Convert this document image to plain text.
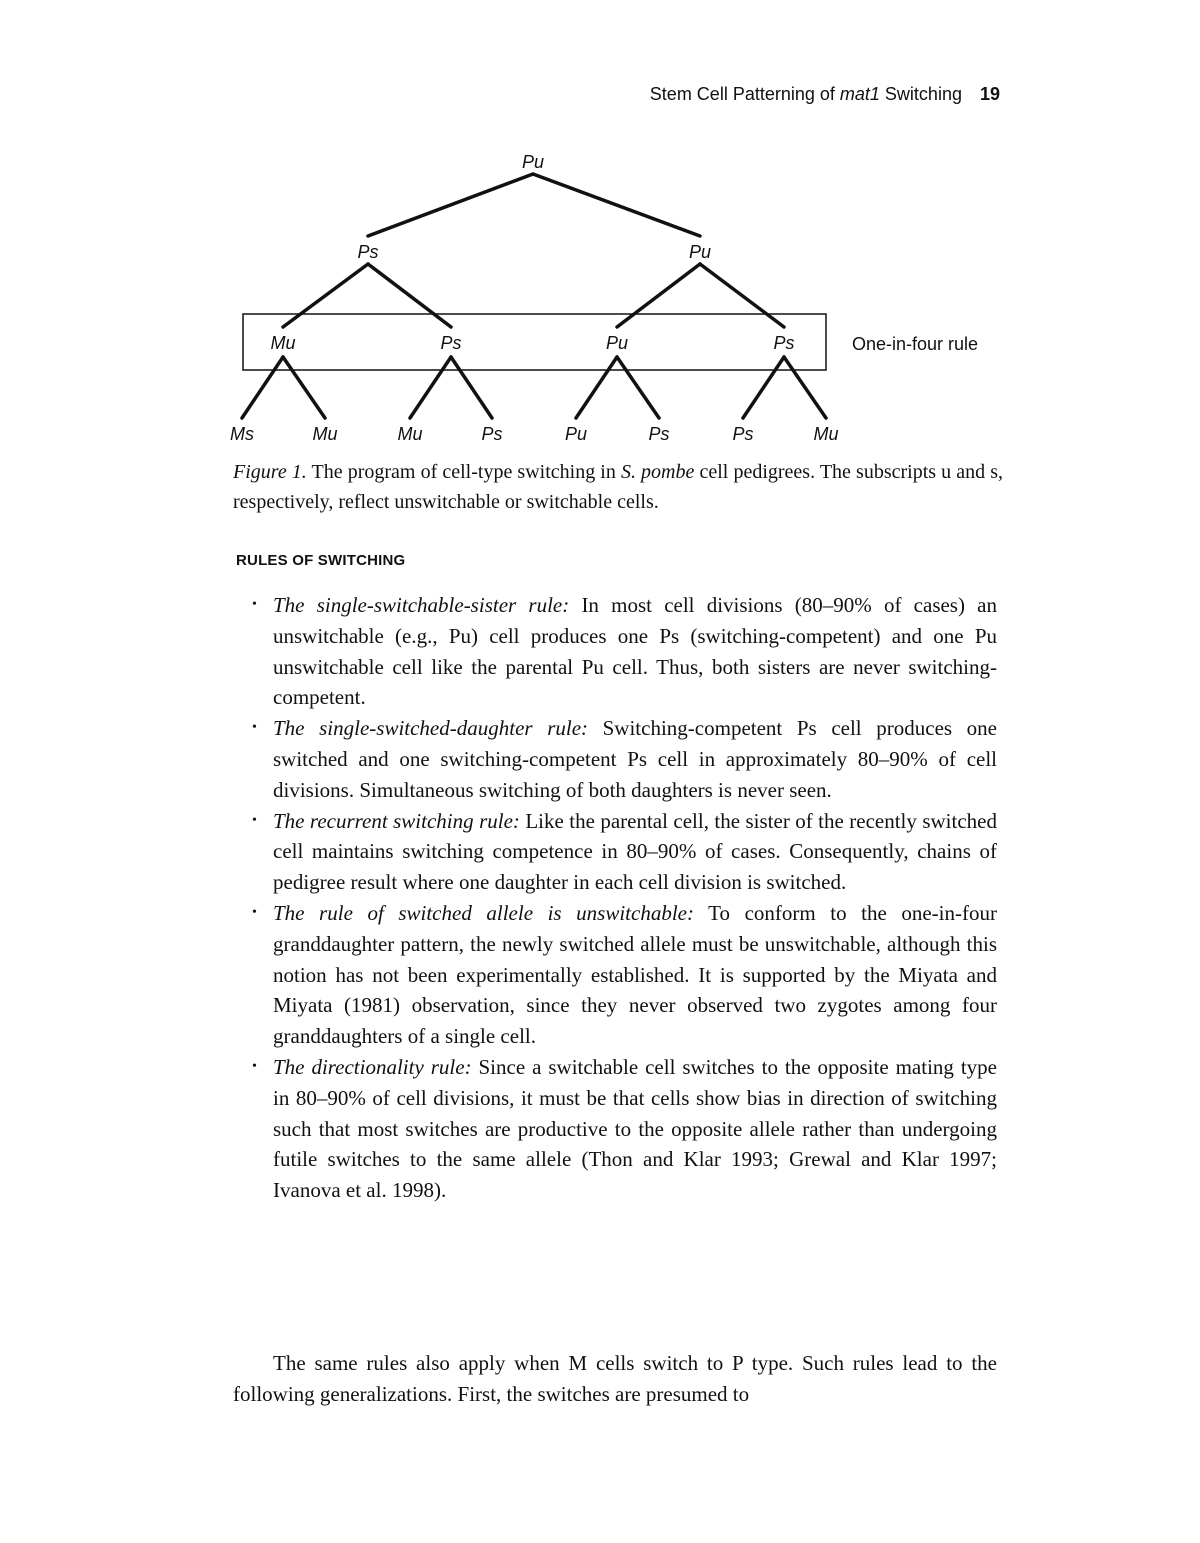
Stem Cell Patterning of mat1 Switching 19
Pu
Ps	Pu
Mu	Ps	Pu	Ps
Ms	Mu	Mu	Ps	Pu	Ps	Ps	Mu
One-in-four rule
Figure 1. The program of cell-type switching in S. pombe cell pedigrees. The subscripts u and s, respectively, reflect unswitchable or switchable cells.
RULES OF SWITCHING
• The single-switchable-sister rule: In most cell divisions (80–90% of cases) an unswitchable (e.g., Pu) cell produces one Ps (switching-competent) and one Pu unswitchable cell like the parental Pu cell. Thus, both sisters are never switching-competent.
• The single-switched-daughter rule: Switching-competent Ps cell produces one switched and one switching-competent Ps cell in approximately 80–90% of cell divisions. Simultaneous switching of both daughters is never seen.
• The recurrent switching rule: Like the parental cell, the sister of the recently switched cell maintains switching competence in 80–90% of cases. Consequently, chains of pedigree result where one daughter in each cell division is switched.
• The rule of switched allele is unswitchable: To conform to the one-in-four granddaughter pattern, the newly switched allele must be unswitchable, although this notion has not been experimentally established. It is supported by the Miyata and Miyata (1981) observation, since they never observed two zygotes among four granddaughters of a single cell.
• The directionality rule: Since a switchable cell switches to the opposite mating type in 80–90% of cell divisions, it must be that cells show bias in direction of switching such that most switches are productive to the opposite allele rather than undergoing futile switches to the same allele (Thon and Klar 1993; Grewal and Klar 1997; Ivanova et al. 1998).

The same rules also apply when M cells switch to P type. Such rules lead to the following generalizations. First, the switches are presumed to
